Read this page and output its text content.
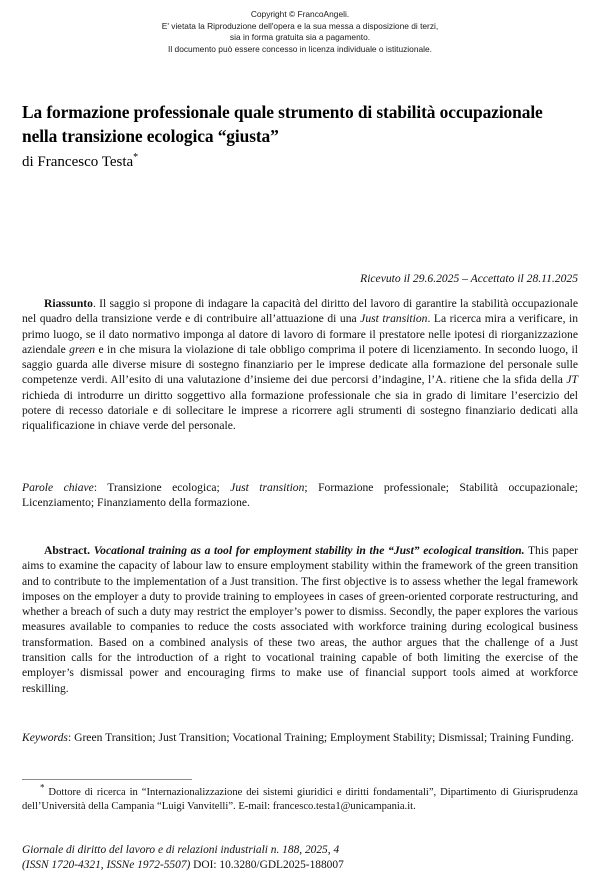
Copyright © FrancoAngeli.
E' vietata la Riproduzione dell'opera e la sua messa a disposizione di terzi,
sia in forma gratuita sia a pagamento.
Il documento può essere concesso in licenza individuale o istituzionale.
La formazione professionale quale strumento di stabilità occupazionale nella transizione ecologica “giusta”
di Francesco Testa*
Ricevuto il 29.6.2025 – Accettato il 28.11.2025
Riassunto. Il saggio si propone di indagare la capacità del diritto del lavoro di garantire la stabilità occupazionale nel quadro della transizione verde e di contribuire all’attuazione di una Just transition. La ricerca mira a verificare, in primo luogo, se il dato normativo imponga al datore di lavoro di formare il prestatore nelle ipotesi di riorganizzazione aziendale green e in che misura la violazione di tale obbligo comprima il potere di licenziamento. In secondo luogo, il saggio guarda alle diverse misure di sostegno finanziario per le imprese dedicate alla formazione del personale sulle competenze verdi. All’esito di una valutazione d’insieme dei due percorsi d’indagine, l’A. ritiene che la sfida della JT richieda di introdurre un diritto soggettivo alla formazione professionale che sia in grado di limitare l’esercizio del potere di recesso datoriale e di sollecitare le imprese a ricorrere agli strumenti di sostegno finanziario dedicati alla riqualificazione in chiave verde del personale.
Parole chiave: Transizione ecologica; Just transition; Formazione professionale; Stabilità occupazionale; Licenziamento; Finanziamento della formazione.
Abstract. Vocational training as a tool for employment stability in the “Just” ecological transition. This paper aims to examine the capacity of labour law to ensure employment stability within the framework of the green transition and to contribute to the implementation of a Just transition. The first objective is to assess whether the legal framework imposes on the employer a duty to provide training to employees in cases of green-oriented corporate restructuring, and whether a breach of such a duty may restrict the employer’s power to dismiss. Secondly, the paper explores the various measures available to companies to reduce the costs associated with workforce training during ecological business transformation. Based on a combined analysis of these two areas, the author argues that the challenge of a Just transition calls for the introduction of a right to vocational training capable of both limiting the exercise of the employer’s dismissal power and encouraging firms to make use of financial support tools aimed at workforce reskilling.
Keywords: Green Transition; Just Transition; Vocational Training; Employment Stability; Dismissal; Training Funding.
* Dottore di ricerca in “Internazionalizzazione dei sistemi giuridici e diritti fondamentali”, Dipartimento di Giurisprudenza dell’Università della Campania “Luigi Vanvitelli”. E-mail: francesco.testa1@unicampania.it.
Giornale di diritto del lavoro e di relazioni industriali n. 188, 2025, 4
(ISSN 1720-4321, ISSNe 1972-5507) DOI: 10.3280/GDL2025-188007
